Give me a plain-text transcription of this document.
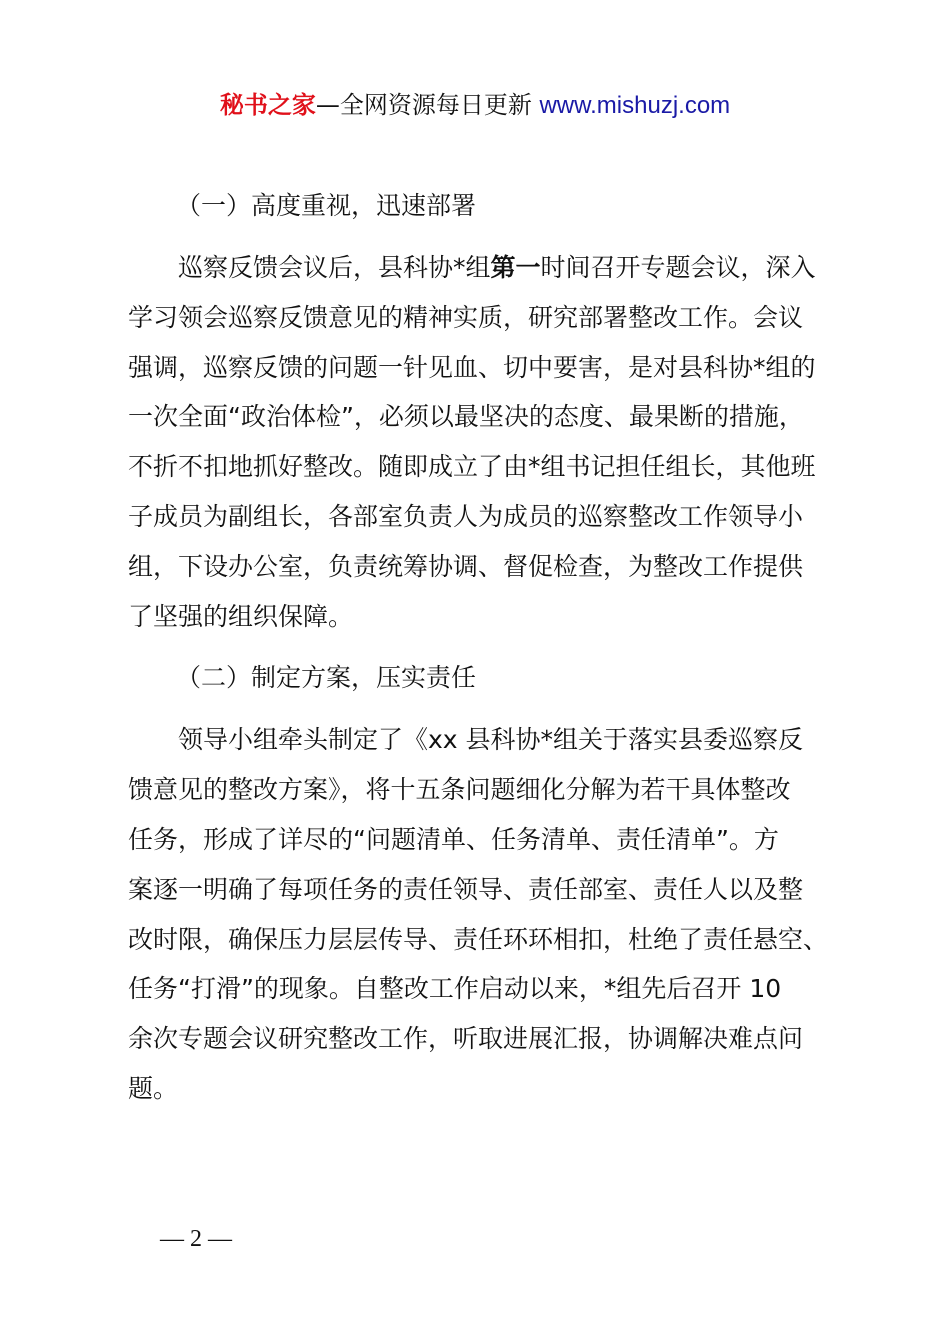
秘书之家—全网资源每日更新 www.mishuzj.com
（一）高度重视，迅速部署
巡察反馈会议后，县科协*组第一时间召开专题会议，深入
学习领会巡察反馈意见的精神实质，研究部署整改工作。会议
强调，巡察反馈的问题一针见血、切中要害，是对县科协*组的
一次全面“政治体检”，必须以最坚决的态度、最果断的措施，
不折不扣地抓好整改。随即成立了由*组书记担任组长，其他班
子成员为副组长，各部室负责人为成员的巡察整改工作领导小
组，下设办公室，负责统筹协调、督促检查，为整改工作提供
了坚强的组织保障。
（二）制定方案，压实责任
领导小组牵头制定了《xx 县科协*组关于落实县委巡察反
馈意见的整改方案》，将十五条问题细化分解为若干具体整改
任务，形成了详尽的“问题清单、任务清单、责任清单”。方
案逐一明确了每项任务的责任领导、责任部室、责任人以及整
改时限，确保压力层层传导、责任环环相扣，杜绝了责任悬空、
任务“打滑”的现象。自整改工作启动以来，*组先后召开 10
余次专题会议研究整改工作，听取进展汇报，协调解决难点问
题。
— 2 —
